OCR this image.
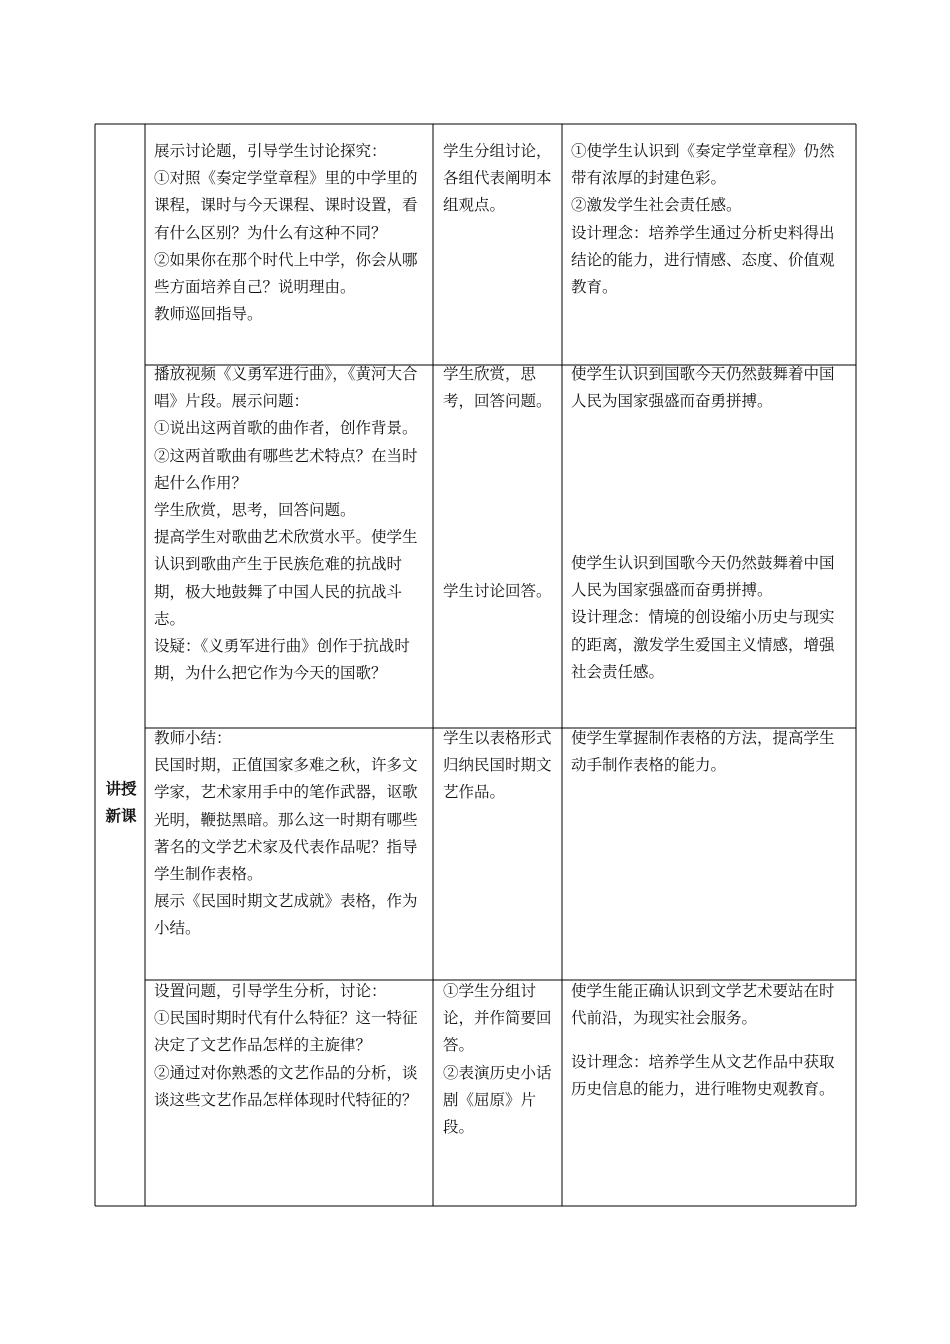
讲授
新课
展示讨论题，引导学生讨论探究：
①对照《奏定学堂章程》里的中学里的课程，课时与今天课程、课时设置，看有什么区别？为什么有这种不同？
②如果你在那个时代上中学，你会从哪些方面培养自己？说明理由。
教师巡回指导。
学生分组讨论，各组代表阐明本组观点。
①使学生认识到《奏定学堂章程》仍然带有浓厚的封建色彩。
②激发学生社会责任感。
设计理念：培养学生通过分析史料得出结论的能力，进行情感、态度、价值观教育。
播放视频《义勇军进行曲》，《黄河大合唱》片段。展示问题：
①说出这两首歌的曲作者，创作背景。
②这两首歌曲有哪些艺术特点？在当时起什么作用？
学生欣赏，思考，回答问题。
提高学生对歌曲艺术欣赏水平。使学生认识到歌曲产生于民族危难的抗战时期，极大地鼓舞了中国人民的抗战斗志。
设疑：《义勇军进行曲》创作于抗战时期，为什么把它作为今天的国歌？
学生欣赏，思考，回答问题。
学生讨论回答。
使学生认识到国歌今天仍然鼓舞着中国人民为国家强盛而奋勇拼搏。
使学生认识到国歌今天仍然鼓舞着中国人民为国家强盛而奋勇拼搏。
设计理念：情境的创设缩小历史与现实的距离，激发学生爱国主义情感，增强社会责任感。
教师小结：
民国时期，正值国家多难之秋，许多文学家，艺术家用手中的笔作武器，讴歌光明，鞭挞黑暗。那么这一时期有哪些著名的文学艺术家及代表作品呢？指导学生制作表格。
展示《民国时期文艺成就》表格，作为小结。
学生以表格形式归纳民国时期文艺作品。
使学生掌握制作表格的方法，提高学生动手制作表格的能力。
设置问题，引导学生分析，讨论：
①民国时期时代有什么特征？这一特征决定了文艺作品怎样的主旋律？
②通过对你熟悉的文艺作品的分析，谈谈这些文艺作品怎样体现时代特征的？
①学生分组讨论，并作简要回答。
②表演历史小话剧《屈原》片段。
使学生能正确认识到文学艺术要站在时代前沿，为现实社会服务。
设计理念：培养学生从文艺作品中获取历史信息的能力，进行唯物史观教育。
